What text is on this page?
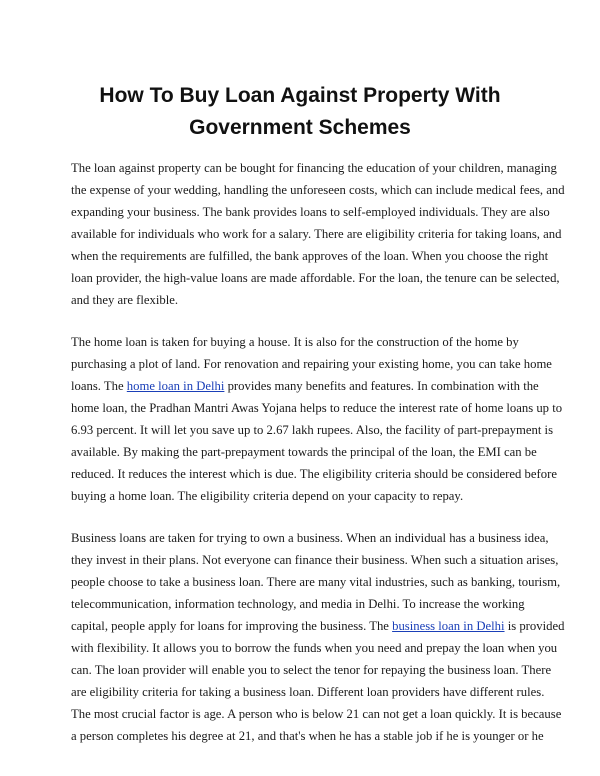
How To Buy Loan Against Property With Government Schemes

The loan against property can be bought for financing the education of your children, managing
the expense of your wedding, handling the unforeseen costs, which can include medical fees, and
expanding your business. The bank provides loans to self-employed individuals. They are also
available for individuals who work for a salary. There are eligibility criteria for taking loans, and
when the requirements are fulfilled, the bank approves of the loan. When you choose the right
loan provider, the high-value loans are made affordable. For the loan, the tenure can be selected,
and they are flexible.

The home loan is taken for buying a house. It is also for the construction of the home by
purchasing a plot of land. For renovation and repairing your existing home, you can take home
loans. The home loan in Delhi provides many benefits and features. In combination with the
home loan, the Pradhan Mantri Awas Yojana helps to reduce the interest rate of home loans up to
6.93 percent. It will let you save up to 2.67 lakh rupees. Also, the facility of part-prepayment is
available. By making the part-prepayment towards the principal of the loan, the EMI can be
reduced. It reduces the interest which is due. The eligibility criteria should be considered before
buying a home loan. The eligibility criteria depend on your capacity to repay.

Business loans are taken for trying to own a business. When an individual has a business idea,
they invest in their plans. Not everyone can finance their business. When such a situation arises,
people choose to take a business loan. There are many vital industries, such as banking, tourism,
telecommunication, information technology, and media in Delhi. To increase the working
capital, people apply for loans for improving the business. The business loan in Delhi is provided
with flexibility. It allows you to borrow the funds when you need and prepay the loan when you
can. The loan provider will enable you to select the tenor for repaying the business loan. There
are eligibility criteria for taking a business loan. Different loan providers have different rules.
The most crucial factor is age. A person who is below 21 can not get a loan quickly. It is because
a person completes his degree at 21, and that's when he has a stable job if he is younger or he
